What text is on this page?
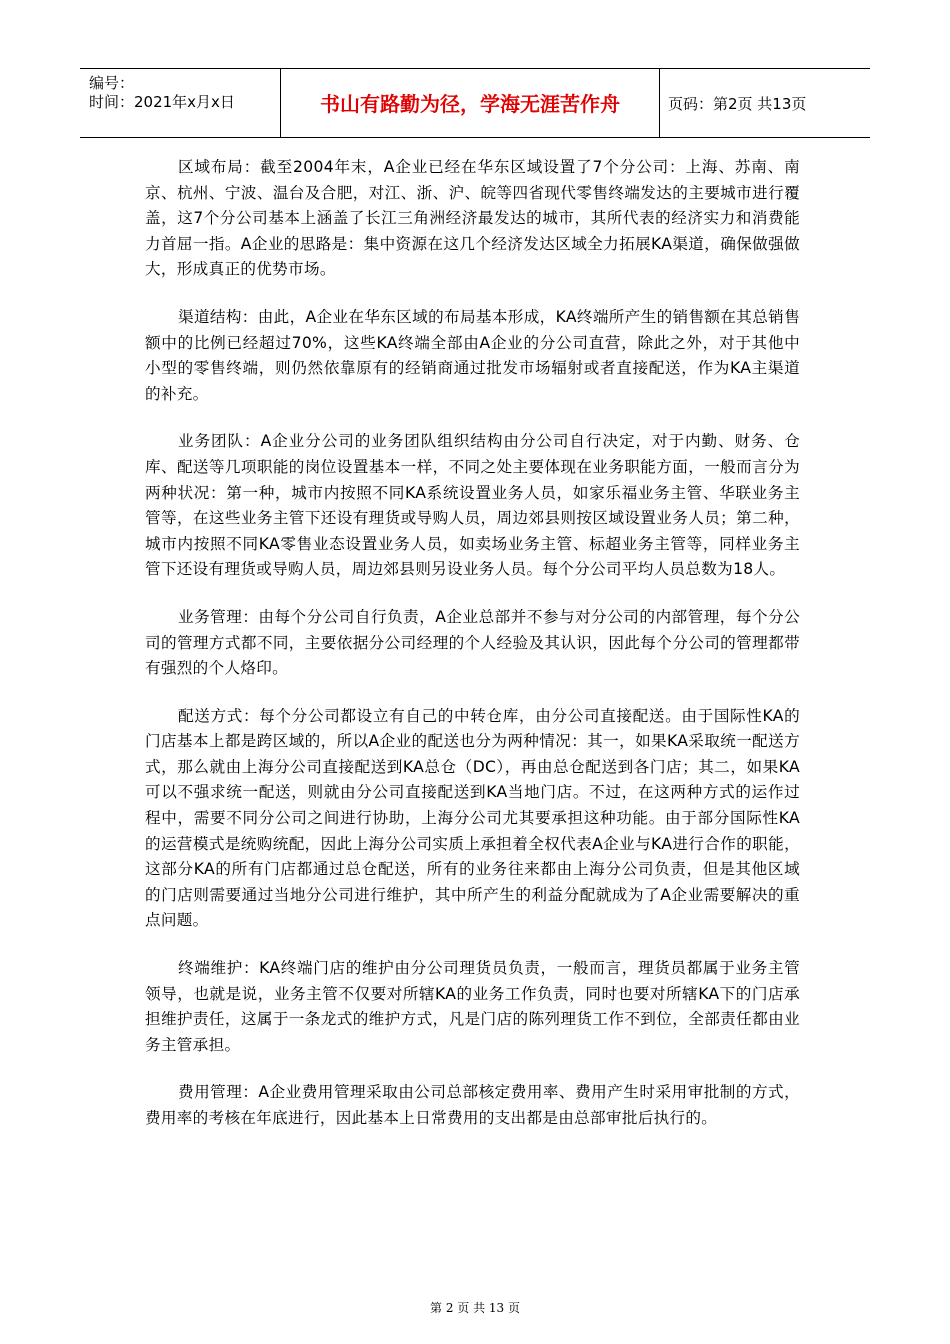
编号：
时间：2021年x月x日	书山有路勤为径，学海无涯苦作舟	页码：第2页 共13页

区域布局：截至2004年末，A企业已经在华东区域设置了7个分公司：上海、苏南、南京、杭州、宁波、温台及合肥，对江、浙、沪、皖等四省现代零售终端发达的主要城市进行覆盖，这7个分公司基本上涵盖了长江三角洲经济最发达的城市，其所代表的经济实力和消费能力首屈一指。A企业的思路是：集中资源在这几个经济发达区域全力拓展KA渠道，确保做强做大，形成真正的优势市场。

渠道结构：由此，A企业在华东区域的布局基本形成，KA终端所产生的销售额在其总销售额中的比例已经超过70%，这些KA终端全部由A企业的分公司直营，除此之外，对于其他中小型的零售终端，则仍然依靠原有的经销商通过批发市场辐射或者直接配送，作为KA主渠道的补充。

业务团队：A企业分公司的业务团队组织结构由分公司自行决定，对于内勤、财务、仓库、配送等几项职能的岗位设置基本一样，不同之处主要体现在业务职能方面，一般而言分为两种状况：第一种，城市内按照不同KA系统设置业务人员，如家乐福业务主管、华联业务主管等，在这些业务主管下还设有理货或导购人员，周边郊县则按区域设置业务人员；第二种，城市内按照不同KA零售业态设置业务人员，如卖场业务主管、标超业务主管等，同样业务主管下还设有理货或导购人员，周边郊县则另设业务人员。每个分公司平均人员总数为18人。

业务管理：由每个分公司自行负责，A企业总部并不参与对分公司的内部管理，每个分公司的管理方式都不同，主要依据分公司经理的个人经验及其认识，因此每个分公司的管理都带有强烈的个人烙印。

配送方式：每个分公司都设立有自己的中转仓库，由分公司直接配送。由于国际性KA的门店基本上都是跨区域的，所以A企业的配送也分为两种情况：其一，如果KA采取统一配送方式，那么就由上海分公司直接配送到KA总仓（DC），再由总仓配送到各门店；其二，如果KA可以不强求统一配送，则就由分公司直接配送到KA当地门店。不过，在这两种方式的运作过程中，需要不同分公司之间进行协助，上海分公司尤其要承担这种功能。由于部分国际性KA的运营模式是统购统配，因此上海分公司实质上承担着全权代表A企业与KA进行合作的职能，这部分KA的所有门店都通过总仓配送，所有的业务往来都由上海分公司负责，但是其他区域的门店则需要通过当地分公司进行维护，其中所产生的利益分配就成为了A企业需要解决的重点问题。

终端维护：KA终端门店的维护由分公司理货员负责，一般而言，理货员都属于业务主管领导，也就是说，业务主管不仅要对所辖KA的业务工作负责，同时也要对所辖KA下的门店承担维护责任，这属于一条龙式的维护方式，凡是门店的陈列理货工作不到位，全部责任都由业务主管承担。

费用管理：A企业费用管理采取由公司总部核定费用率、费用产生时采用审批制的方式，费用率的考核在年底进行，因此基本上日常费用的支出都是由总部审批后执行的。

第 2 页 共 13 页
